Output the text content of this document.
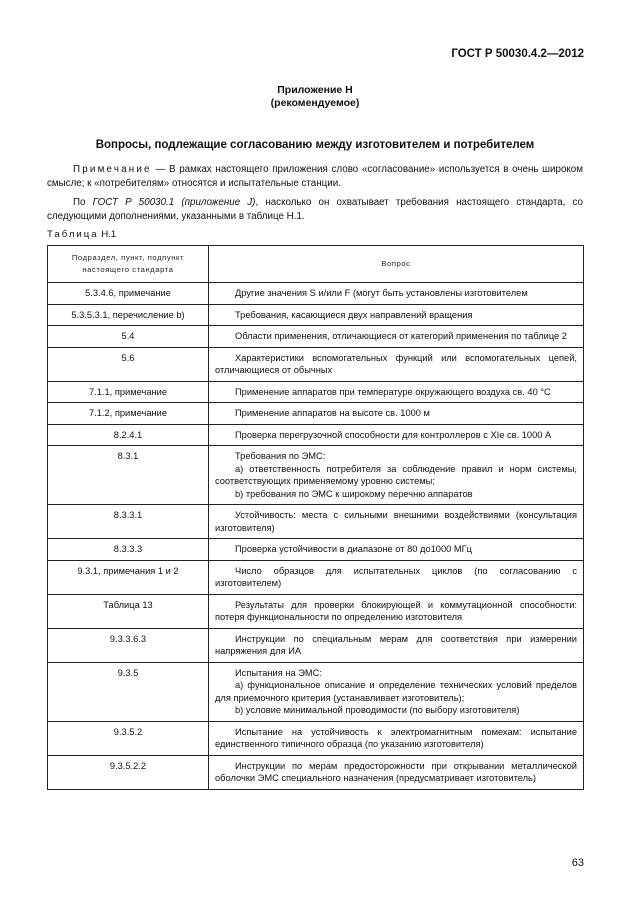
ГОСТ Р 50030.4.2—2012
Приложение Н
(рекомендуемое)
Вопросы, подлежащие согласованию между изготовителем и потребителем
Примечание — В рамках настоящего приложения слово «согласование» используется в очень широком смысле; к «потребителям» относятся и испытательные станции.
По ГОСТ Р 50030.1 (приложение J), насколько он охватывает требования настоящего стандарта, со следующими дополнениями, указанными в таблице Н.1.
Таблица Н.1
Подраздел, пункт, подпункт настоящего стандарта	Вопрос
5.3.4.6, примечание	Другие значения S и/или F (могут быть установлены изготовителем

5.3.5.3.1, перечисление b)	Требования, касающиеся двух направлений вращения

5.4	Области применения, отличающиеся от категорий применения по таблице 2

5.6	Характеристики вспомогательных функций или вспомогательных цепей, отличающиеся от обычных

7.1.1, примечание	Применение аппаратов при температуре окружающего воздуха св. 40 °С

7.1.2, примечание	Применение аппаратов на высоте св. 1000 м

8.2.4.1	Проверка перегрузочной способности для контроллеров с XIe св. 1000 А

8.3.1	Требования по ЭМС:
а) ответственность потребителя за соблюдение правил и норм системы, соответствующих применяемому уровню системы;
b) требования по ЭМС к широкому перечню аппаратов

8.3.3.1	Устойчивость: места с сильными внешними воздействиями (консультация изготовителя)

8.3.3.3	Проверка устойчивости в диапазоне от 80 до1000 МГц

9.3.1, примечания 1 и 2	Число образцов для испытательных циклов (по согласованию с изготовителем)

Таблица 13	Результаты для проверки блокирующей и коммутационной способности: потеря функциональности по определению изготовителя

9.3.3.6.3	Инструкции по специальным мерам для соответствия при измерении напряжения для ИА

9.3.5	Испытания на ЭМС:
а) функциональное описание и определение технических условий пределов для приемочного критерия (устанавливает изготовитель);
b) условие минимальной проводимости (по выбору изготовителя)

9.3.5.2	Испытание на устойчивость к электромагнитным помехам: испытание единственного типичного образца (по указанию изготовителя)

9.3.5.2.2	Инструкции по мерам предосторожности при открывании металлической оболочки ЭМС специального назначения (предусматривает изготовитель)
63
